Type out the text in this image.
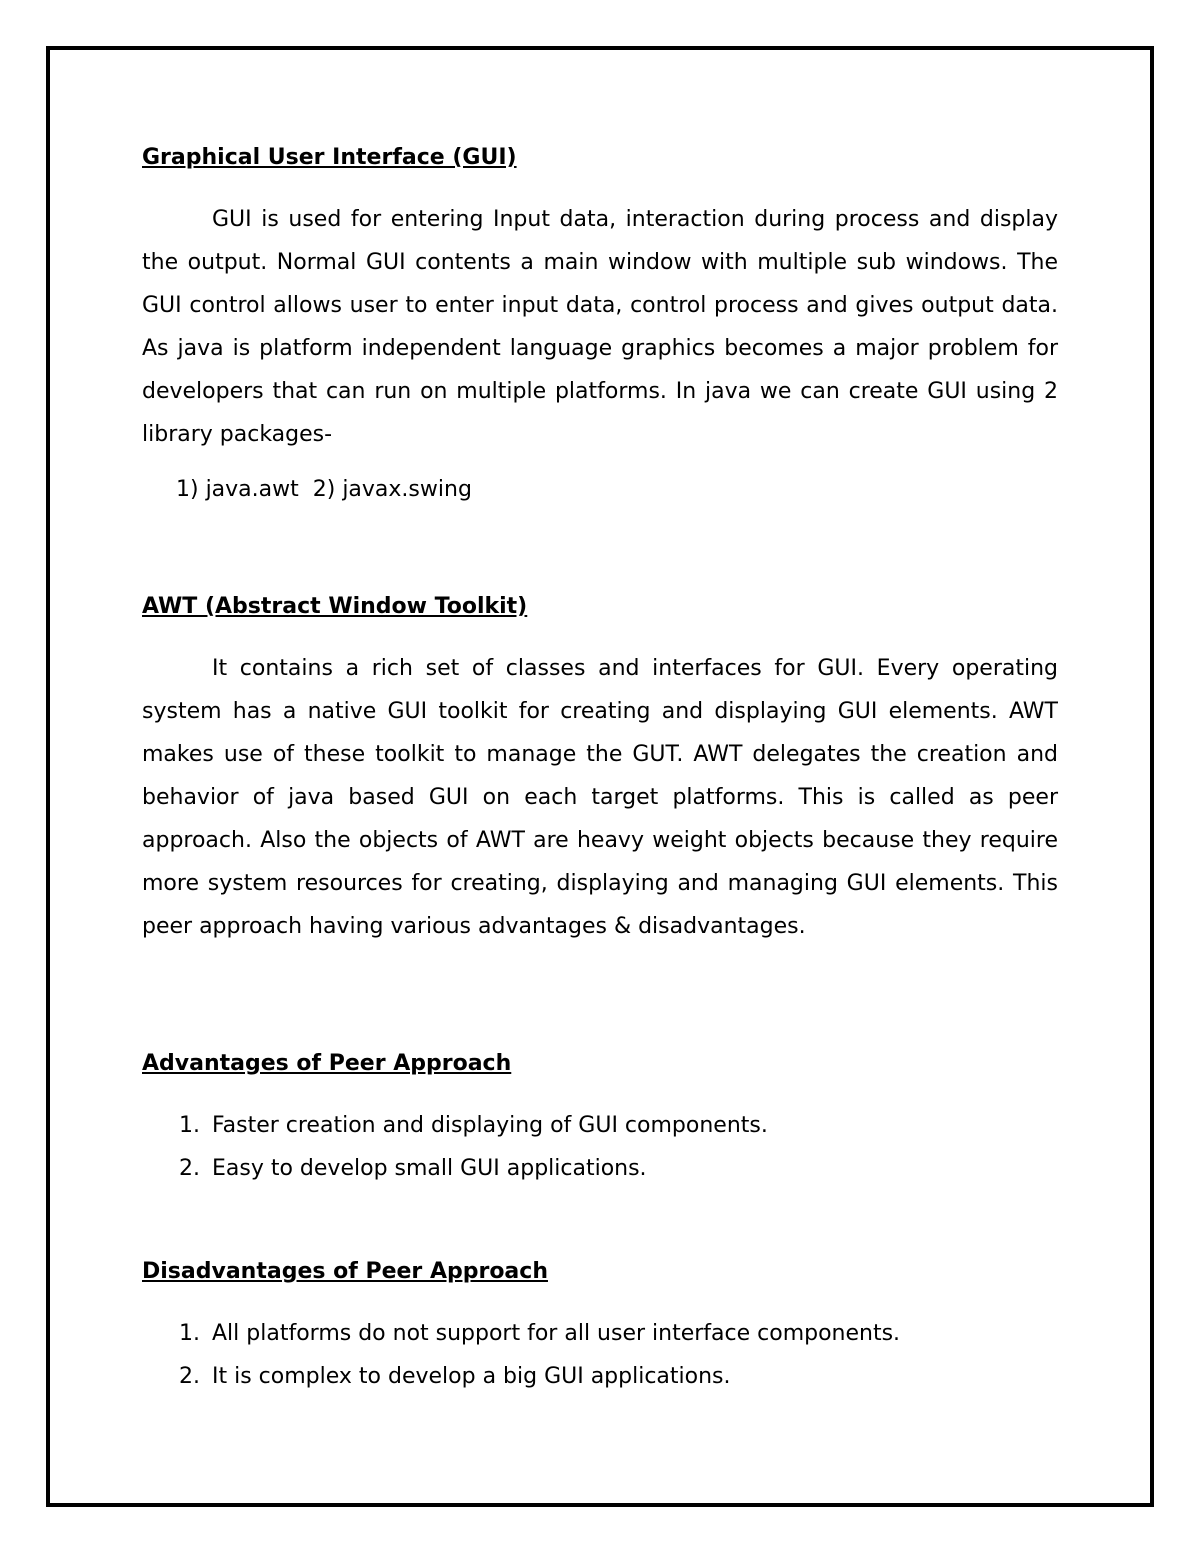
Graphical User Interface (GUI)

GUI is used for entering Input data, interaction during process and display the output. Normal GUI contents a main window with multiple sub windows. The GUI control allows user to enter input data, control process and gives output data. As java is platform independent language graphics becomes a major problem for developers that can run on multiple platforms. In java we can create GUI using 2 library packages-

1) java.awt  2) javax.swing

AWT (Abstract Window Toolkit)

It contains a rich set of classes and interfaces for GUI. Every operating system has a native GUI toolkit for creating and displaying GUI elements. AWT makes use of these toolkit to manage the GUT. AWT delegates the creation and behavior of java based GUI on each target platforms. This is called as peer approach. Also the objects of AWT are heavy weight objects because they require more system resources for creating, displaying and managing GUI elements. This peer approach having various advantages & disadvantages.

Advantages of Peer Approach
1. Faster creation and displaying of GUI components.
2. Easy to develop small GUI applications.
Disadvantages of Peer Approach
1. All platforms do not support for all user interface components.
2. It is complex to develop a big GUI applications.
